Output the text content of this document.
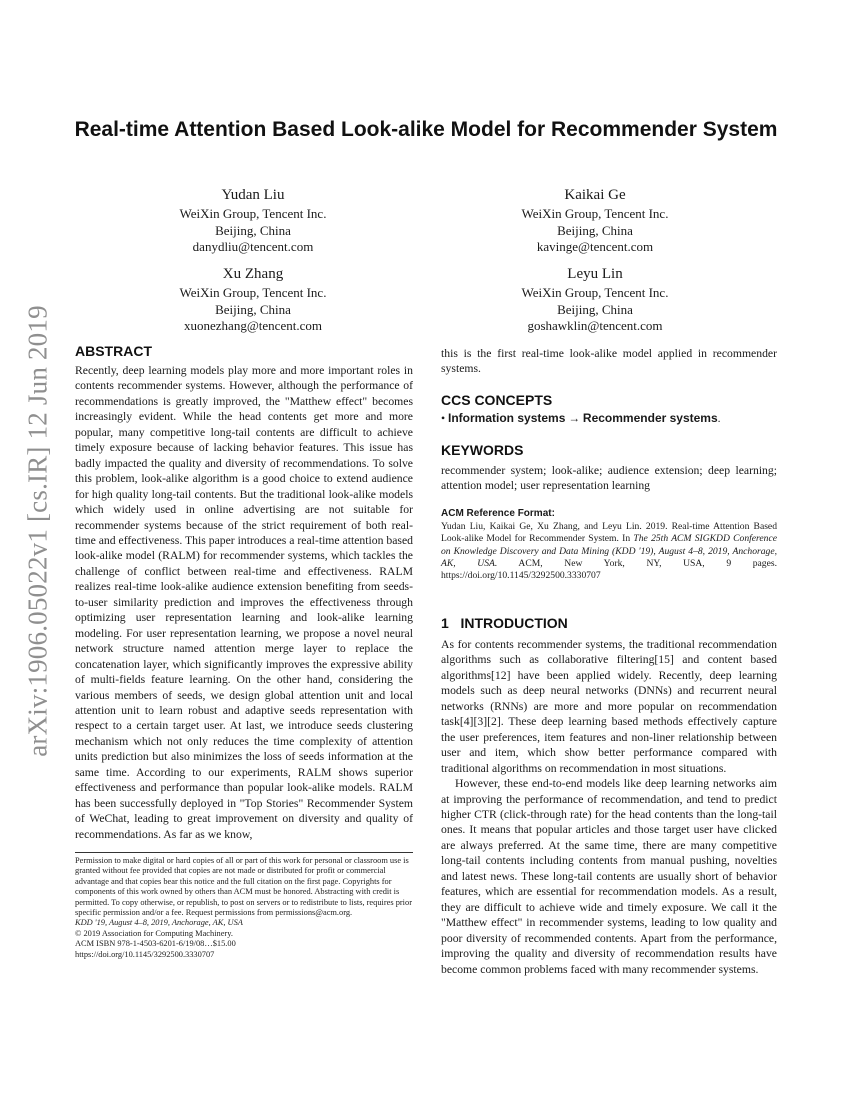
arXiv:1906.05022v1 [cs.IR] 12 Jun 2019
Real-time Attention Based Look-alike Model for Recommender System
Yudan Liu
WeiXin Group, Tencent Inc.
Beijing, China
danydliu@tencent.com
Kaikai Ge
WeiXin Group, Tencent Inc.
Beijing, China
kavinge@tencent.com
Xu Zhang
WeiXin Group, Tencent Inc.
Beijing, China
xuonezhang@tencent.com
Leyu Lin
WeiXin Group, Tencent Inc.
Beijing, China
goshawklin@tencent.com
ABSTRACT

Recently, deep learning models play more and more important roles in contents recommender systems. However, although the performance of recommendations is greatly improved, the "Matthew effect" becomes increasingly evident. While the head contents get more and more popular, many competitive long-tail contents are difficult to achieve timely exposure because of lacking behavior features. This issue has badly impacted the quality and diversity of recommendations. To solve this problem, look-alike algorithm is a good choice to extend audience for high quality long-tail contents. But the traditional look-alike models which widely used in online advertising are not suitable for recommender systems because of the strict requirement of both real-time and effectiveness. This paper introduces a real-time attention based look-alike model (RALM) for recommender systems, which tackles the challenge of conflict between real-time and effectiveness. RALM realizes real-time look-alike audience extension benefiting from seeds-to-user similarity prediction and improves the effectiveness through optimizing user representation learning and look-alike learning modeling. For user representation learning, we propose a novel neural network structure named attention merge layer to replace the concatenation layer, which significantly improves the expressive ability of multi-fields feature learning. On the other hand, considering the various members of seeds, we design global attention unit and local attention unit to learn robust and adaptive seeds representation with respect to a certain target user. At last, we introduce seeds clustering mechanism which not only reduces the time complexity of attention units prediction but also minimizes the loss of seeds information at the same time. According to our experiments, RALM shows superior effectiveness and performance than popular look-alike models. RALM has been successfully deployed in "Top Stories" Recommender System of WeChat, leading to great improvement on diversity and quality of recommendations. As far as we know,

Permission to make digital or hard copies of all or part of this work for personal or classroom use is granted without fee provided that copies are not made or distributed for profit or commercial advantage and that copies bear this notice and the full citation on the first page. Copyrights for components of this work owned by others than ACM must be honored. Abstracting with credit is permitted. To copy otherwise, or republish, to post on servers or to redistribute to lists, requires prior specific permission and/or a fee. Request permissions from permissions@acm.org.

KDD '19, August 4–8, 2019, Anchorage, AK, USA

© 2019 Association for Computing Machinery.

ACM ISBN 978-1-4503-6201-6/19/08…$15.00

https://doi.org/10.1145/3292500.3330707

this is the first real-time look-alike model applied in recommender systems.

CCS CONCEPTS
• Information systems → Recommender systems.
KEYWORDS

recommender system; look-alike; audience extension; deep learning; attention model; user representation learning

ACM Reference Format:

Yudan Liu, Kaikai Ge, Xu Zhang, and Leyu Lin. 2019. Real-time Attention Based Look-alike Model for Recommender System. In The 25th ACM SIGKDD Conference on Knowledge Discovery and Data Mining (KDD '19), August 4–8, 2019, Anchorage, AK, USA. ACM, New York, NY, USA, 9 pages. https://doi.org/10.1145/3292500.3330707

1 INTRODUCTION

As for contents recommender systems, the traditional recommendation algorithms such as collaborative filtering[15] and content based algorithms[12] have been applied widely. Recently, deep learning models such as deep neural networks (DNNs) and recurrent neural networks (RNNs) are more and more popular on recommendation task[4][3][2]. These deep learning based methods effectively capture the user preferences, item features and non-liner relationship between user and item, which show better performance compared with traditional algorithms on recommendation in most situations.

However, these end-to-end models like deep learning networks aim at improving the performance of recommendation, and tend to predict higher CTR (click-through rate) for the head contents than the long-tail ones. It means that popular articles and those target user have clicked are always preferred. At the same time, there are many competitive long-tail contents including contents from manual pushing, novelties and latest news. These long-tail contents are usually short of behavior features, which are essential for recommendation models. As a result, they are difficult to achieve wide and timely exposure. We call it the "Matthew effect" in recommender systems, leading to low quality and poor diversity of recommended contents. Apart from the performance, improving the quality and diversity of recommendation results have become common problems faced with many recommender systems.
